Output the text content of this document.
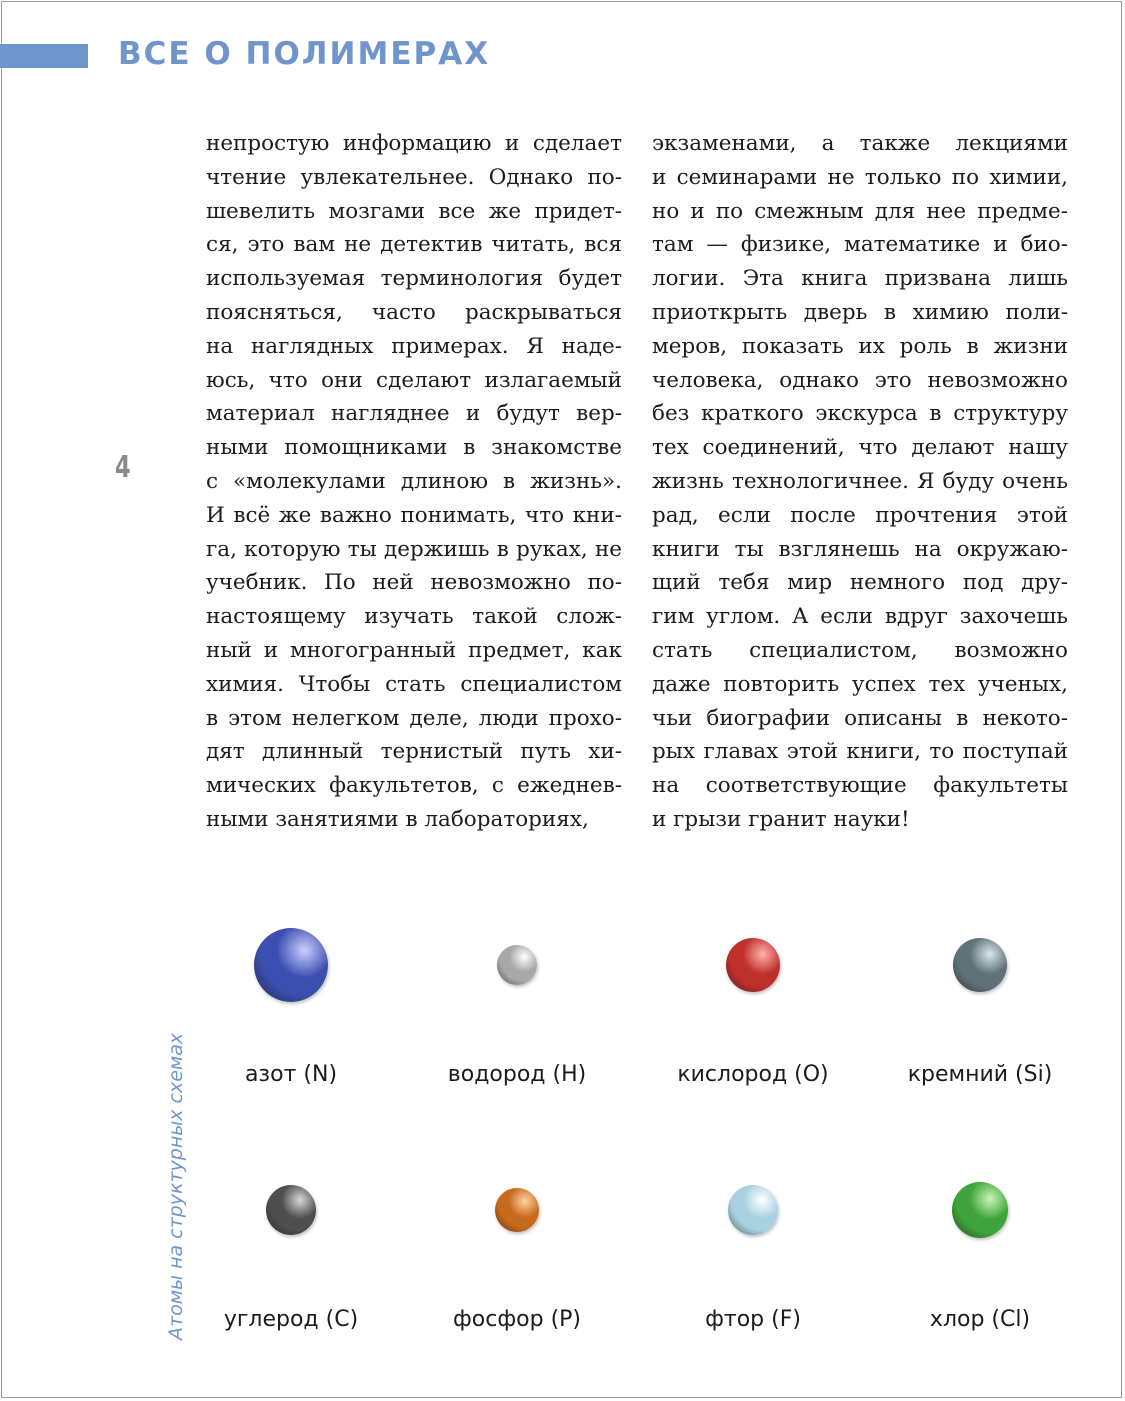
ВСЕ О ПОЛИМЕРАХ
4
непростую информацию и сделает
чтение увлекательнее. Однако по-
шевелить мозгами все же придет-
ся, это вам не детектив читать, вся
используемая терминология будет
поясняться, часто раскрываться
на наглядных примерах. Я наде-
юсь, что они сделают излагаемый
материал нагляднее и будут вер-
ными помощниками в знакомстве
с «молекулами длиною в жизнь».
И всё же важно понимать, что кни-
га, которую ты держишь в руках, не
учебник. По ней невозможно по-
настоящему изучать такой слож-
ный и многогранный предмет, как
химия. Чтобы стать специалистом
в этом нелегком деле, люди прохо-
дят длинный тернистый путь хи-
мических факультетов, с ежеднев-
ными занятиями в лабораториях,
экзаменами, а также лекциями
и семинарами не только по химии,
но и по смежным для нее предме-
там — физике, математике и био-
логии. Эта книга призвана лишь
приоткрыть дверь в химию поли-
меров, показать их роль в жизни
человека, однако это невозможно
без краткого экскурса в структуру
тех соединений, что делают нашу
жизнь технологичнее. Я буду очень
рад, если после прочтения этой
книги ты взглянешь на окружаю-
щий тебя мир немного под дру-
гим углом. А если вдруг захочешь
стать специалистом, возможно
даже повторить успех тех ученых,
чьи биографии описаны в некото-
рых главах этой книги, то поступай
на соответствующие факультеты
и грызи гранит науки!
Атомы на структурных схемах	азот (N)	водород (H)	кислород (O)	кремний (Si)
углерод (C)	фосфор (P)	фтор (F)	хлор (Cl)
